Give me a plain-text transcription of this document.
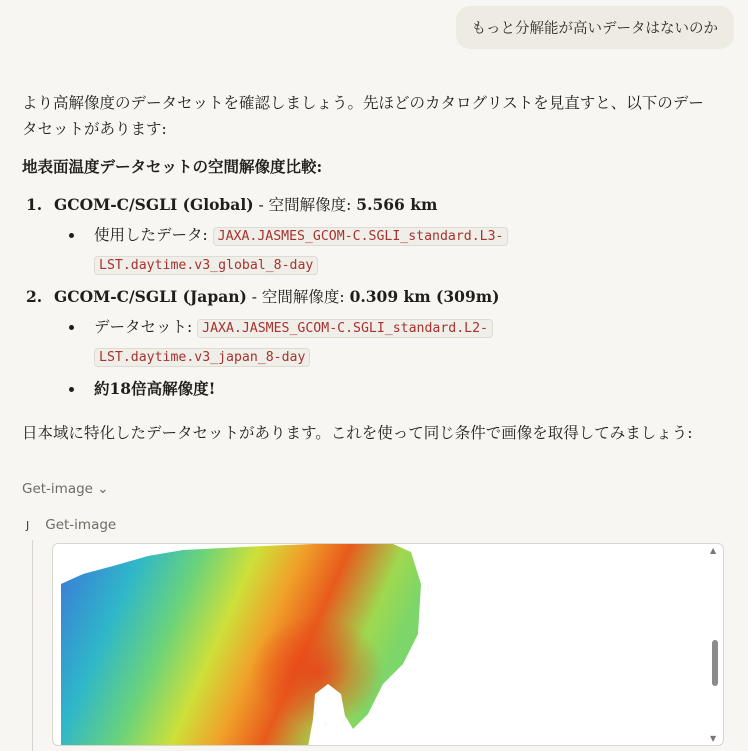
もっと分解能が高いデータはないのか

より高解像度のデータセットを確認しましょう。先ほどのカタログリストを見直すと、以下のデータセットがあります:

地表面温度データセットの空間解像度比較:
1. GCOM-C/SGLI (Global) - 空間解像度: 5.566 km
使用したデータ: JAXA.JASMES_GCOM-C.SGLI_standard.L3-
LST.daytime.v3_global_8-day
2. GCOM-C/SGLI (Japan) - 空間解像度: 0.309 km (309m)
データセット: JAXA.JASMES_GCOM-C.SGLI_standard.L2-
LST.daytime.v3_japan_8-day
約18倍高解像度!

日本域に特化したデータセットがあります。これを使って同じ条件で画像を取得してみましょう:

Get-image ⌄
J Get-image
▲
▼
